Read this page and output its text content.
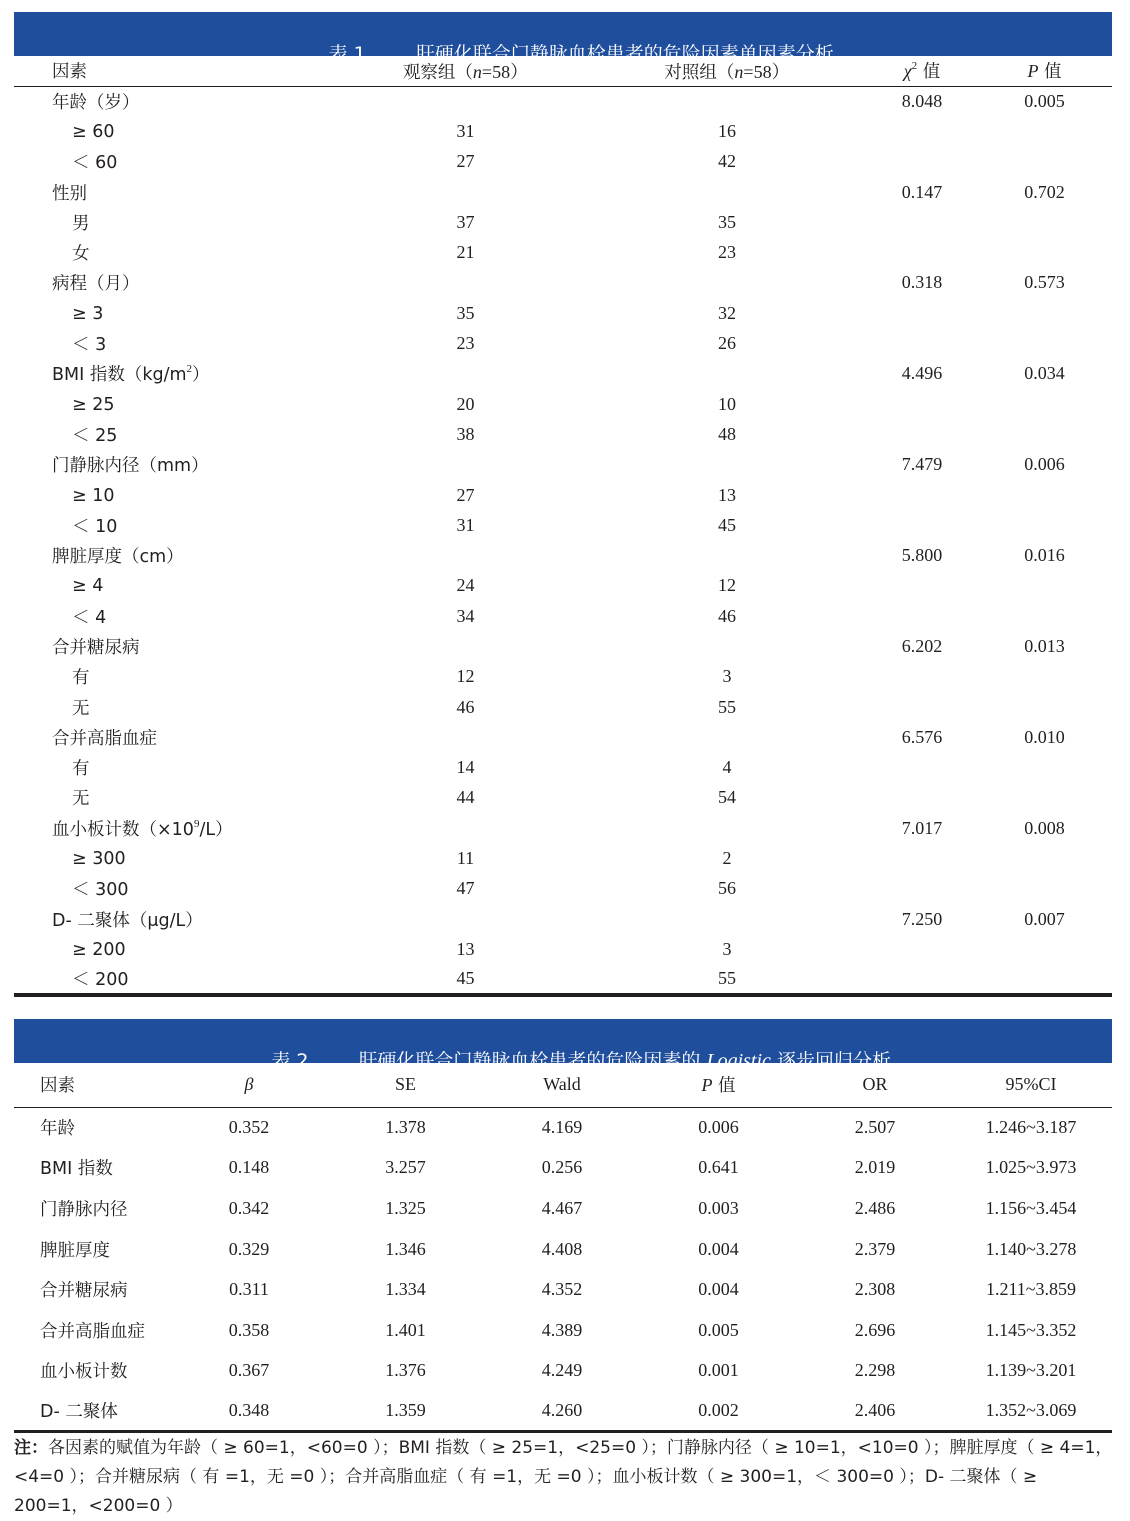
表 1	肝硬化联合门静脉血栓患者的危险因素单因素分析

因素	观察组（n=58）	对照组（n=58）	$\chi^2$ 值	P 值
年龄（岁）			8.048	0.005
≥ 60	31	16		
＜ 60	27	42		
性别			0.147	0.702
男	37	35		
女	21	23		
病程（月）			0.318	0.573
≥ 3	35	32		
＜ 3	23	26		
BMI 指数$(kg/m^2)$			4.496	0.034
≥ 25	20	10		
＜ 25	38	48		
门静脉内径（mm）			7.479	0.006
≥ 10	27	13		
＜ 10	31	45		
脾脏厚度（cm）			5.800	0.016
≥ 4	24	12		
＜ 4	34	46		
合并糖尿病			6.202	0.013
有	12	3		
无	46	55		
合并高脂血症			6.576	0.010
有	14	4		
无	44	54		
血小板计数$(\times 10^9/L)$			7.017	0.008
≥ 300	11	2		
＜ 300	47	56		
D- 二聚体（μg/L）			7.250	0.007
≥ 200	13	3		
＜ 200	45	55		

表 2	肝硬化联合门静脉血栓患者的危险因素的 Logistic 逐步回归分析

因素	β	SE	Wald	P 值	OR	95%CI
年龄	0.352	1.378	4.169	0.006	2.507	1.246~3.187
BMI 指数	0.148	3.257	0.256	0.641	2.019	1.025~3.973
门静脉内径	0.342	1.325	4.467	0.003	2.486	1.156~3.454
脾脏厚度	0.329	1.346	4.408	0.004	2.379	1.140~3.278
合并糖尿病	0.311	1.334	4.352	0.004	2.308	1.211~3.859
合并高脂血症	0.358	1.401	4.389	0.005	2.696	1.145~3.352
血小板计数	0.367	1.376	4.249	0.001	2.298	1.139~3.201
D- 二聚体	0.348	1.359	4.260	0.002	2.406	1.352~3.069
注：各因素的赋值为年龄（ ≥ 60=1，<60=0 ）；BMI 指数（ ≥ 25=1，<25=0 ）；门静脉内径（ ≥ 10=1，<10=0 ）；脾脏厚度（ ≥ 4=1，<4=0 ）；合并糖尿病（ 有 =1，无 =0 ）；合并高脂血症（ 有 =1，无 =0 ）；血小板计数（ ≥ 300=1，＜ 300=0 ）；D- 二聚体（ ≥ 200=1，<200=0 ）
